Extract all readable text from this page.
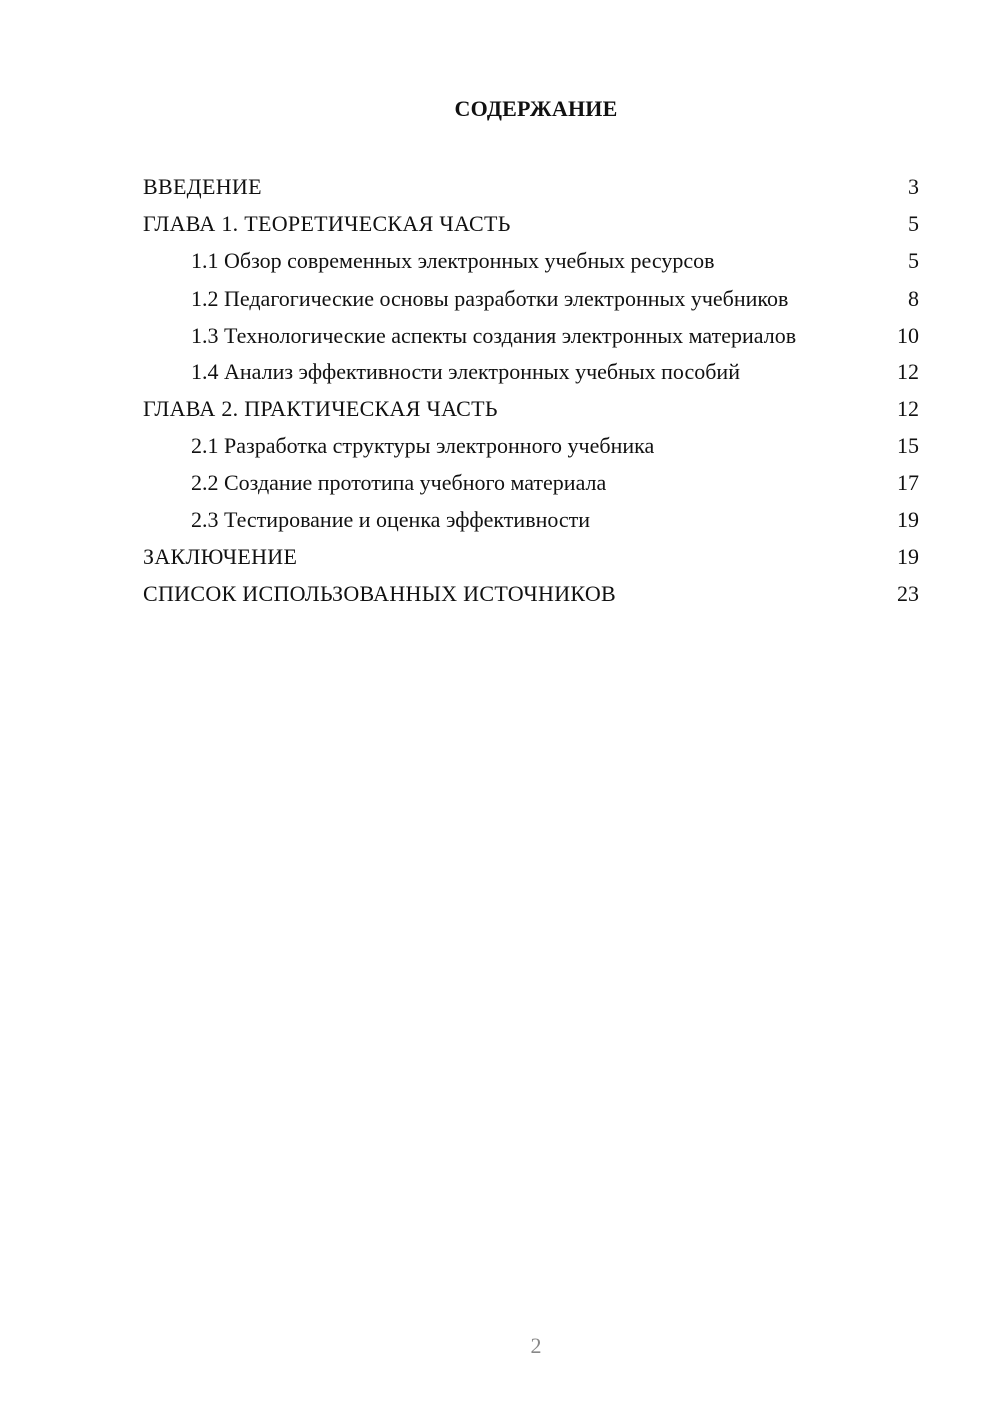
СОДЕРЖАНИЕ
ВВЕДЕНИЕ	3
ГЛАВА 1. ТЕОРЕТИЧЕСКАЯ ЧАСТЬ	5
1.1 Обзор современных электронных учебных ресурсов	5
1.2 Педагогические основы разработки электронных учебников	8
1.3 Технологические аспекты создания электронных материалов	10
1.4 Анализ эффективности электронных учебных пособий	12
ГЛАВА 2. ПРАКТИЧЕСКАЯ ЧАСТЬ	12
2.1 Разработка структуры электронного учебника	15
2.2 Создание прототипа учебного материала	17
2.3 Тестирование и оценка эффективности	19
ЗАКЛЮЧЕНИЕ	19
СПИСОК ИСПОЛЬЗОВАННЫХ ИСТОЧНИКОВ	23
2
